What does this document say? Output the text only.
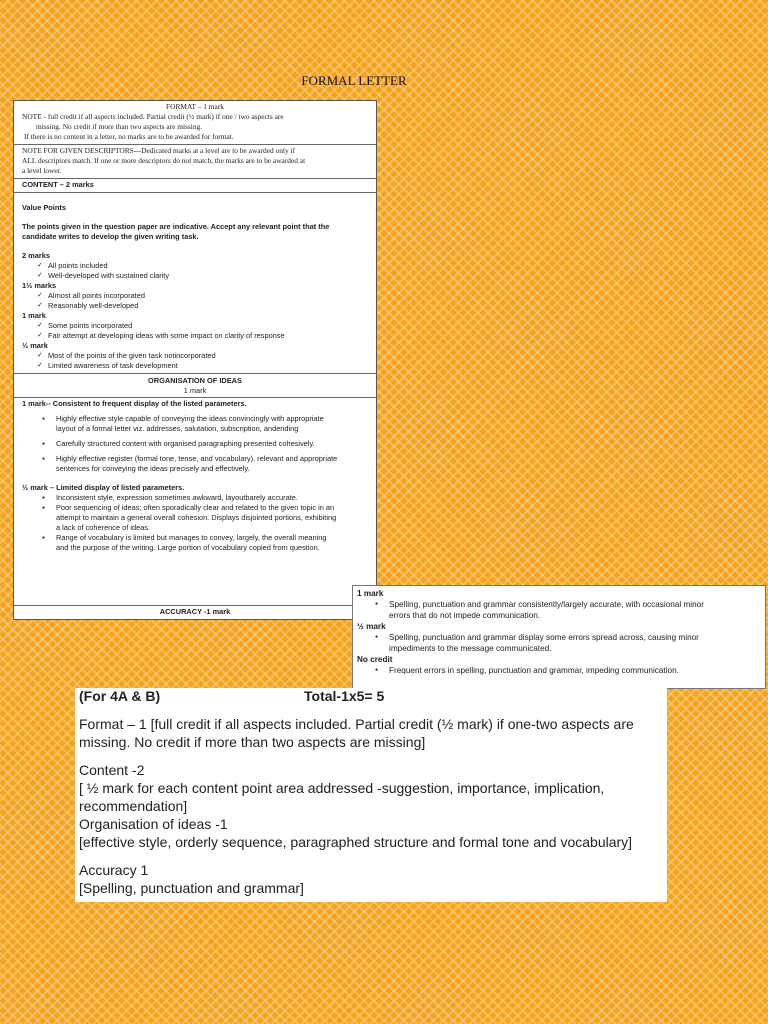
FORMAL LETTER
FORMAT – 1 mark
NOTE - full credit if all aspects included. Partial credit (½ mark) if one / two aspects are
missing. No credit if more than two aspects are missing.
If there is no content in a letter, no marks are to be awarded for format.
NOTE FOR GIVEN DESCRIPTORS---Dedicated marks at a level are to be awarded only if
ALL descriptors match. If one or more descriptors do not match, the marks are to be awarded at
a level lower.
CONTENT – 2 marks
Value Points
The points given in the question paper are indicative. Accept any relevant point that the
candidate writes to develop the given writing task.
2 marks
✓ All points included
✓ Well-developed with sustained clarity
1½ marks
✓ Almost all points incorporated
✓ Reasonably well-developed
1 mark
✓ Some points incorporated
✓ Fair attempt at developing ideas with some impact on clarity of response
½ mark
✓ Most of the points of the given task notincorporated
✓ Limited awareness of task development
ORGANISATION OF IDEAS
1 mark
1 mark-- Consistent to frequent display of the listed parameters.
● Highly effective style capable of conveying the ideas convincingly with appropriate
layout of a formal letter viz. addresses, salutation, subscription, andending
● Carefully structured content with organised paragraphing presented cohesively.
● Highly effective register (formal tone, tense, and vocabulary), relevant and appropriate
sentences for conveying the ideas precisely and effectively.
½ mark – Limited display of listed parameters.
● Inconsistent style, expression sometimes awkward, layoutbarely accurate.
● Poor sequencing of ideas; often sporadically clear and related to the given topic in an
attempt to maintain a general overall cohesion. Displays disjointed portions, exhibiting
a lack of coherence of ideas.
● Range of vocabulary is limited but manages to convey, largely, the overall meaning
and the purpose of the writing. Large portion of vocabulary copied from question.
ACCURACY -1 mark
1 mark
● Spelling, punctuation and grammar consistently/largely accurate, with occasional minor
errors that do not impede communication.
½ mark
● Spelling, punctuation and grammar display some errors spread across, causing minor
impediments to the message communicated.
No credit
● Frequent errors in spelling, punctuation and grammar, impeding communication.
(For 4A & B)	Total-1x5= 5
Format – 1 [full credit if all aspects included. Partial credit (½ mark) if one-two aspects are
missing. No credit if more than two aspects are missing]
Content -2
[ ½ mark for each content point area addressed -suggestion, importance, implication,
recommendation]
Organisation of ideas -1
[effective style, orderly sequence, paragraphed structure and formal tone and vocabulary]
Accuracy 1
[Spelling, punctuation and grammar]
